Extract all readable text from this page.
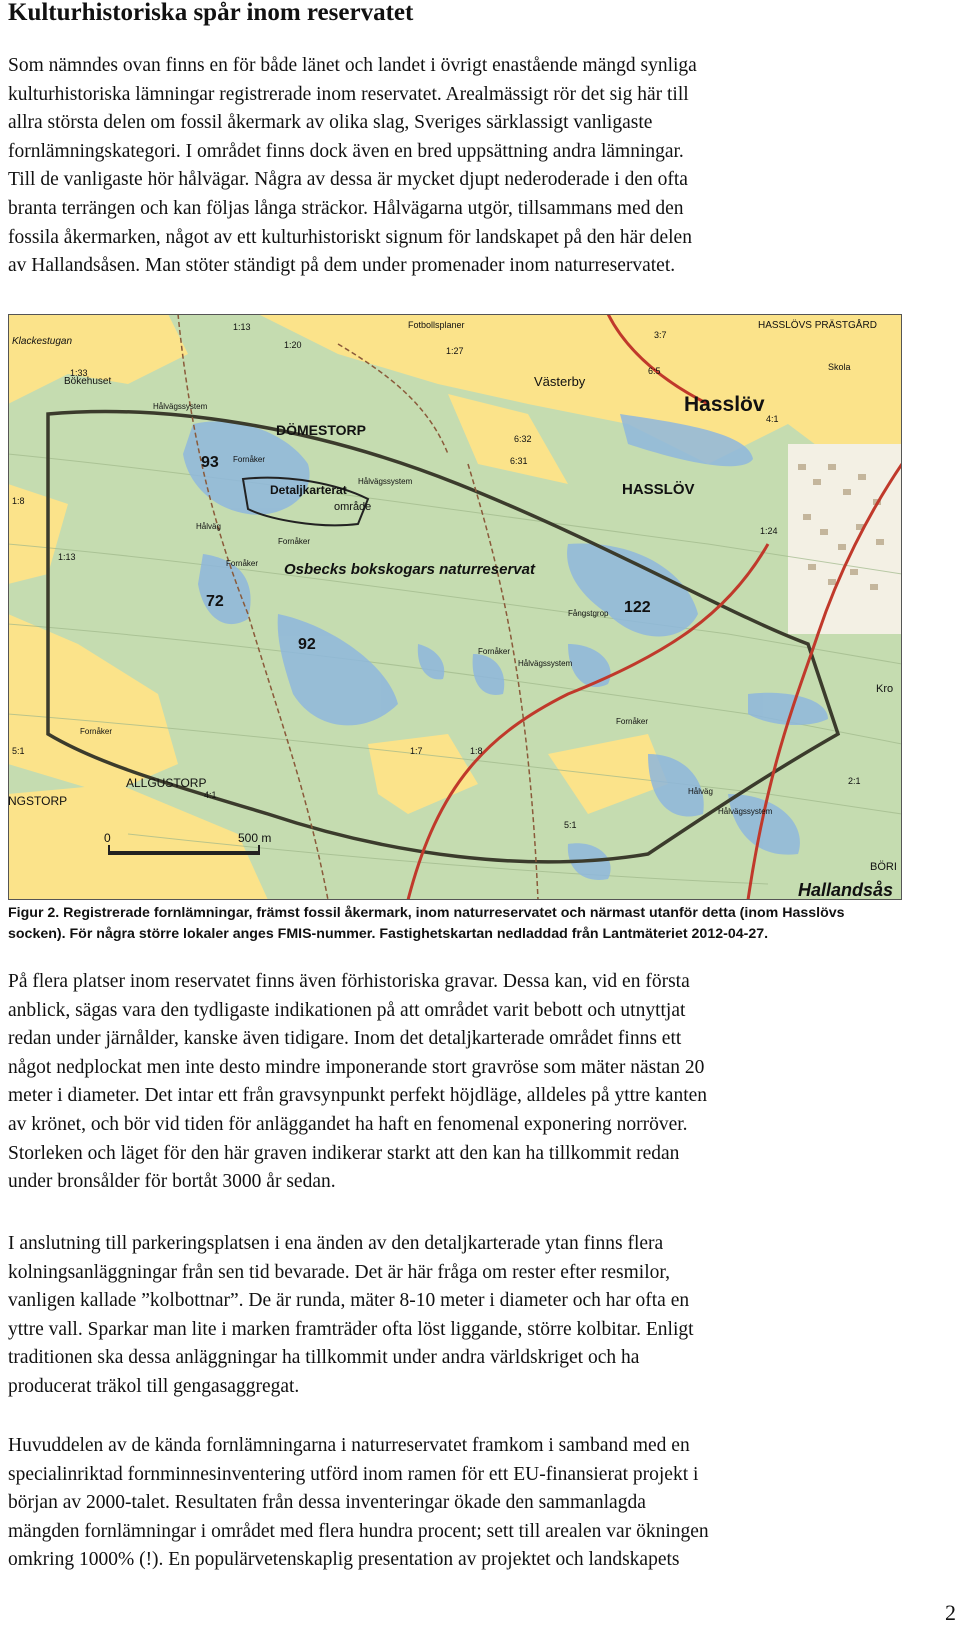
Kulturhistoriska spår inom reservatet

Som nämndes ovan finns en för både länet och landet i övrigt enastående mängd synliga
kulturhistoriska lämningar registrerade inom reservatet. Arealmässigt rör det sig här till
allra största delen om fossil åkermark av olika slag, Sveriges särklassigt vanligaste
fornlämningskategori. I området finns dock även en bred uppsättning andra lämningar.
Till de vanligaste hör hålvägar. Några av dessa är mycket djupt nederoderade i den ofta
branta terrängen och kan följas långa sträckor. Hålvägarna utgör, tillsammans med den
fossila åkermarken, något av ett kulturhistoriskt signum för landskapet på den här delen
av Hallandsåsen. Man stöter ständigt på dem under promenader inom naturreservatet.

DÖMESTORP
Hasslöv
HASSLÖV
Västerby
ALLGUSTORP
NGSTORP
Hallandsås
BÖRI
Klackestugan
Bökehuset
HASSLÖVS PRÄSTGÅRD
Fotbollsplaner
Skola
Kro
Osbecks bokskogars naturreservat
Detaljkarterat
område
93
72
92
122
Fornåker
Hålvägssystem
Hålväg
Fornåker
Fornåker
Hålvägssystem
Fångstgrop
Fornåker
Hålvägssystem
Fornåker
Hålväg
Hålvägssystem
Fornåker
1:13
1:20
1:27
3:7
1:33	6:5
6:32
6:31
4:1
1:24
1:8
1:13
5:1	1:7
4:1
1:8
5:1
2:1
0	500 m

Figur 2. Registrerade fornlämningar, främst fossil åkermark, inom naturreservatet och närmast utanför detta (inom Hasslövs
socken). För några större lokaler anges FMIS-nummer. Fastighetskartan nedladdad från Lantmäteriet 2012-04-27.

På flera platser inom reservatet finns även förhistoriska gravar. Dessa kan, vid en första
anblick, sägas vara den tydligaste indikationen på att området varit bebott och utnyttjat
redan under järnålder, kanske även tidigare. Inom det detaljkarterade området finns ett
något nedplockat men inte desto mindre imponerande stort gravröse som mäter nästan 20
meter i diameter. Det intar ett från gravsynpunkt perfekt höjdläge, alldeles på yttre kanten
av krönet, och bör vid tiden för anläggandet ha haft en fenomenal exponering norröver.
Storleken och läget för den här graven indikerar starkt att den kan ha tillkommit redan
under bronsålder för bortåt 3000 år sedan.

I anslutning till parkeringsplatsen i ena änden av den detaljkarterade ytan finns flera
kolningsanläggningar från sen tid bevarade. Det är här fråga om rester efter resmilor,
vanligen kallade ”kolbottnar”. De är runda, mäter 8-10 meter i diameter och har ofta en
yttre vall. Sparkar man lite i marken framträder ofta löst liggande, större kolbitar. Enligt
traditionen ska dessa anläggningar ha tillkommit under andra världskriget och ha
producerat träkol till gengasaggregat.

Huvuddelen av de kända fornlämningarna i naturreservatet framkom i samband med en
specialinriktad fornminnesinventering utförd inom ramen för ett EU-finansierat projekt i
början av 2000-talet. Resultaten från dessa inventeringar ökade den sammanlagda
mängden fornlämningar i området med flera hundra procent; sett till arealen var ökningen
omkring 1000% (!). En populärvetenskaplig presentation av projektet och landskapets

2
